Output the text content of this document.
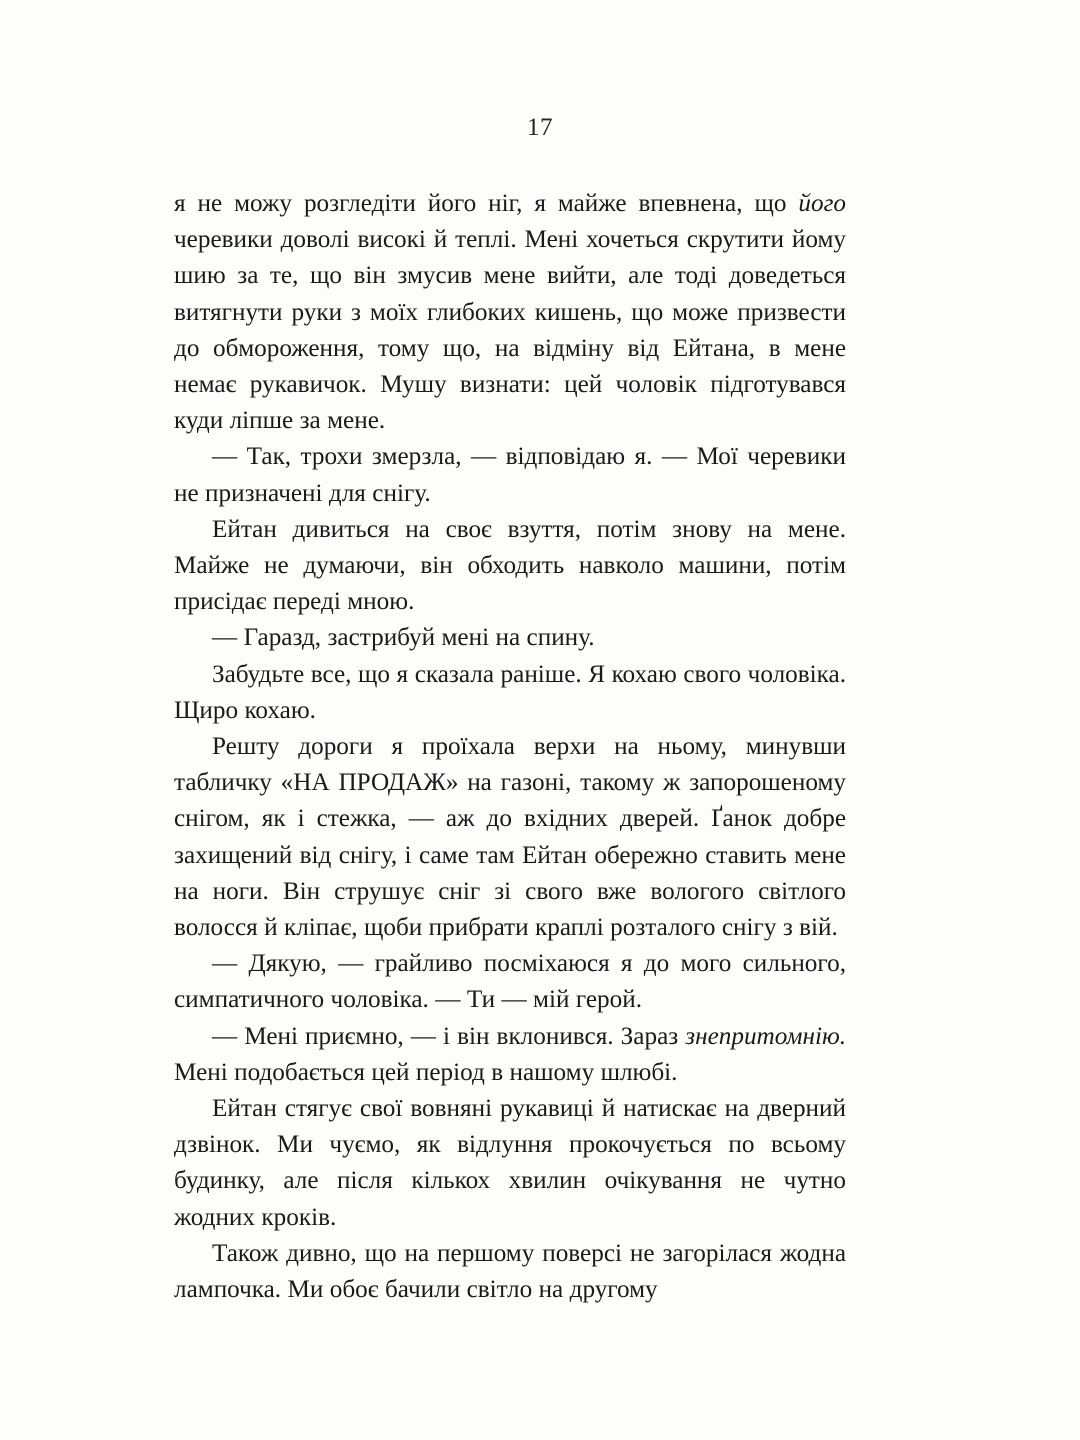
17

я не можу розгледіти його ніг, я майже впевнена, що його черевики доволі високі й теплі. Мені хочеться скрутити йому шию за те, що він змусив мене вийти, але тоді доведеться витягнути руки з моїх глибоких кишень, що може призвести до обмороження, тому що, на відміну від Ейтана, в мене немає рукавичок. Мушу визнати: цей чоловік підготувався куди ліпше за мене.

— Так, трохи змерзла, — відповідаю я. — Мої черевики не призначені для снігу.

Ейтан дивиться на своє взуття, потім знову на мене. Майже не думаючи, він обходить навколо машини, потім присідає переді мною.

— Гаразд, застрибуй мені на спину.

Забудьте все, що я сказала раніше. Я кохаю свого чоловіка. Щиро кохаю.

Решту дороги я проїхала верхи на ньому, минувши табличку «НА ПРОДАЖ» на газоні, такому ж запорошеному снігом, як і стежка, — аж до вхідних дверей. Ґанок добре захищений від снігу, і саме там Ейтан обережно ставить мене на ноги. Він струшує сніг зі свого вже вологого світлого волосся й кліпає, щоби прибрати краплі розталого снігу з вій.

— Дякую, — грайливо посміхаюся я до мого сильного, симпатичного чоловіка. — Ти — мій герой.

— Мені приємно, — і він вклонився. Зараз знепритомнію. Мені подобається цей період в нашому шлюбі.

Ейтан стягує свої вовняні рукавиці й натискає на дверний дзвінок. Ми чуємо, як відлуння прокочується по всьому будинку, але після кількох хвилин очікування не чутно жодних кроків.

Також дивно, що на першому поверсі не загорілася жодна лампочка. Ми обоє бачили світло на другому
